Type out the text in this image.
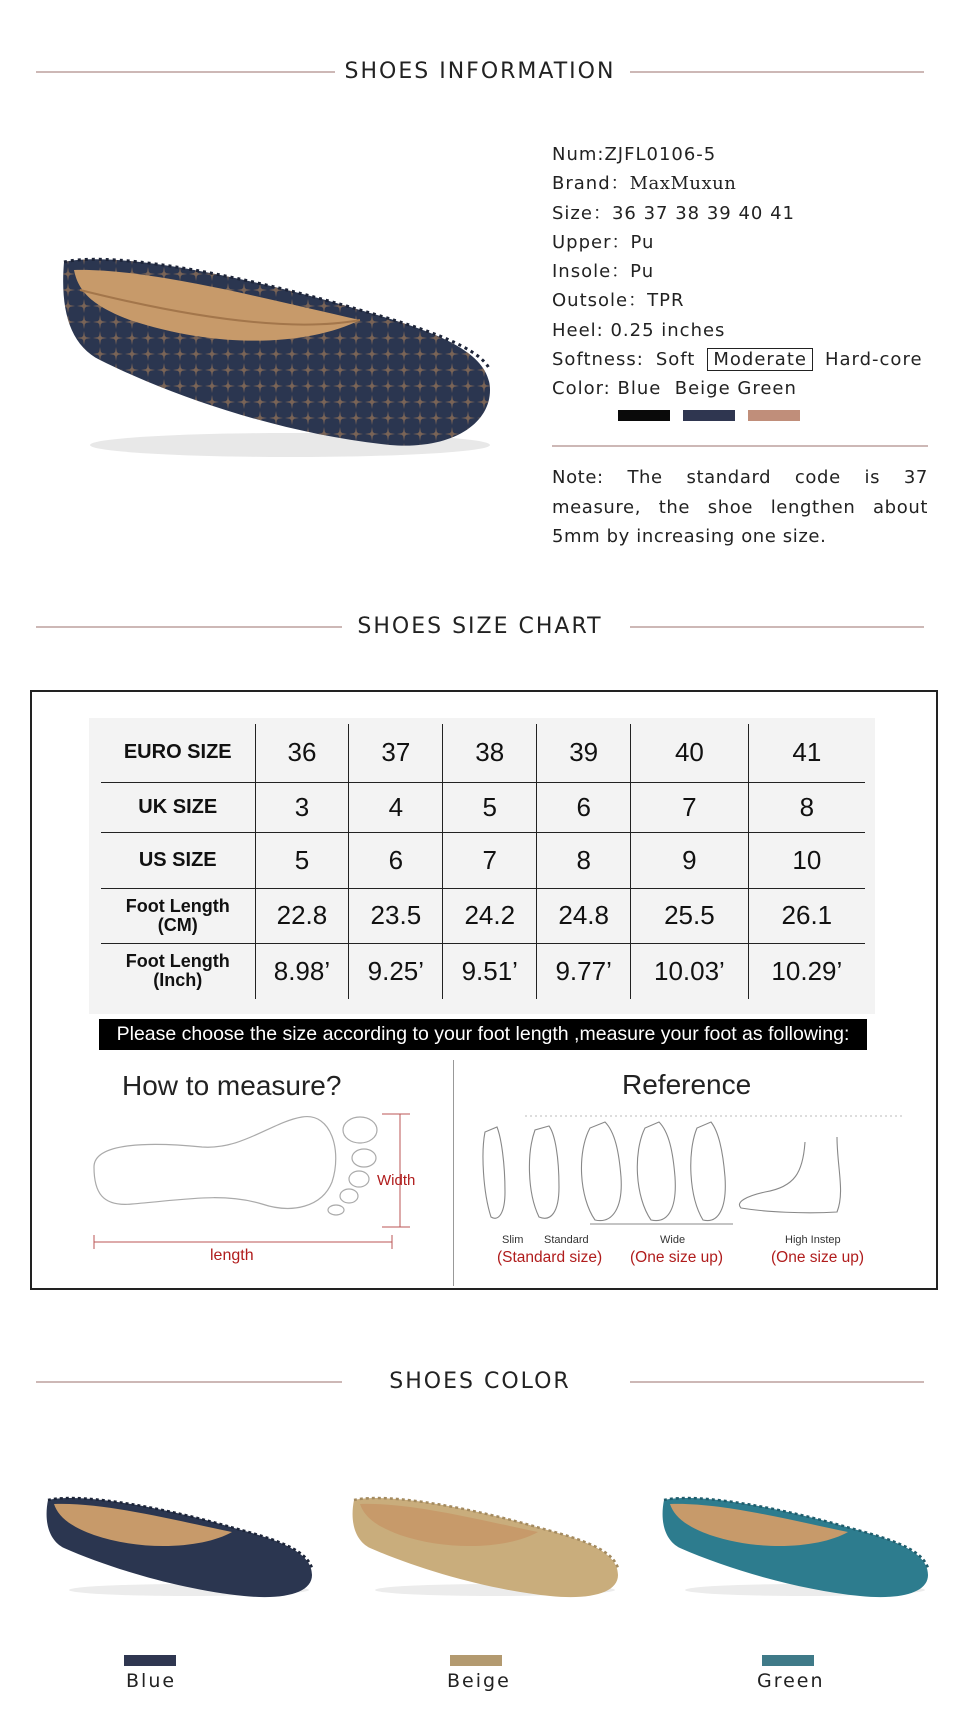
SHOES INFORMATION
Num:ZJFL0106-5
Brand：MaxMuxun
Size：36 37 38 39 40 41
Upper：Pu
Insole：Pu
Outsole：TPR
Heel: 0.25 inches
Softness: Soft Moderate Hard-core
Color: Blue  Beige Green
Note: The standard code is 37 measure, the shoe lengthen about 5mm by increasing one size.
SHOES SIZE CHART
EURO SIZE	36	37	38	39	40	41
UK SIZE	3	4	5	6	7	8
US SIZE	5	6	7	8	9	10

Foot Length
(CM)	22.8	23.5	24.2	24.8	25.5	26.1

Foot Length
(Inch)	8.98’	9.25’	9.51’	9.77’	10.03’	10.29’
Please choose the size according to your foot length ,measure your foot as following:
How to measure?	Reference
Width
length
Slim Standard	Wide	High Instep
(Standard size) (One size up)	(One size up)
SHOES COLOR
Blue	Beige	Green
